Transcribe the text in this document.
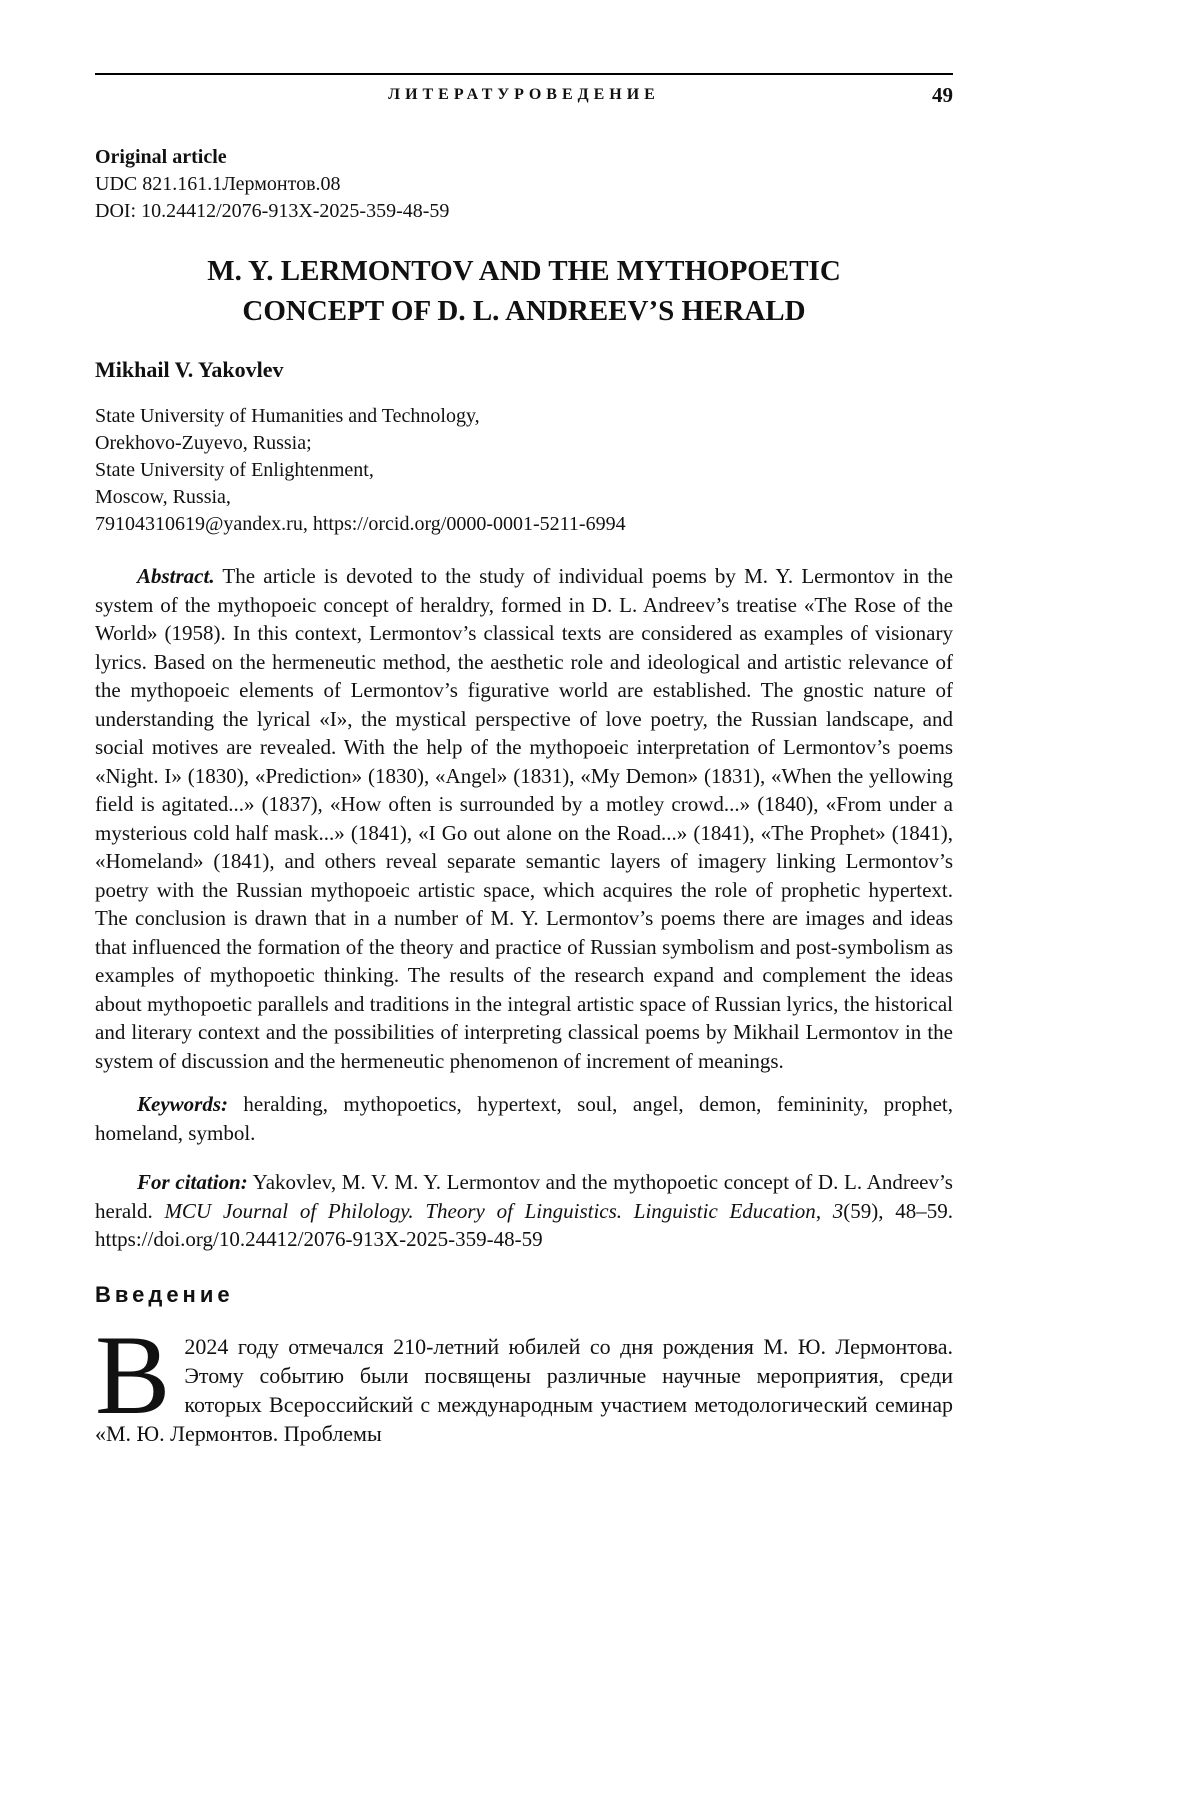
ЛИТЕРАТУРОВЕДЕНИЕ	49
Original article
UDC 821.161.1Лермонтов.08
DOI: 10.24412/2076-913X-2025-359-48-59
M. Y. LERMONTOV AND THE MYTHOPOETIC
CONCEPT OF D. L. ANDREEV’S HERALD
Mikhail V. Yakovlev
State University of Humanities and Technology,
Orekhovo-Zuyevo, Russia;
State University of Enlightenment,
Moscow, Russia,
79104310619@yandex.ru, https://orcid.org/0000-0001-5211-6994

Abstract. The article is devoted to the study of individual poems by M. Y. Lermontov in the system of the mythopoeic concept of heraldry, formed in D. L. Andreev’s treatise «The Rose of the World» (1958). In this context, Lermontov’s classical texts are considered as examples of visionary lyrics. Based on the hermeneutic method, the aesthetic role and ideological and artistic relevance of the mythopoeic elements of Lermontov’s figurative world are established. The gnostic nature of understanding the lyrical «I», the mystical perspective of love poetry, the Russian landscape, and social motives are revealed. With the help of the mythopoeic interpretation of Lermontov’s poems «Night. I» (1830), «Prediction» (1830), «Angel» (1831), «My Demon» (1831), «When the yellowing field is agitated...» (1837), «How often is surrounded by a motley crowd...» (1840), «From under a mysterious cold half mask...» (1841), «I Go out alone on the Road...» (1841), «The Prophet» (1841), «Homeland» (1841), and others reveal separate semantic layers of imagery linking Lermontov’s poetry with the Russian mythopoeic artistic space, which acquires the role of prophetic hypertext. The conclusion is drawn that in a number of M. Y. Lermontov’s poems there are images and ideas that influenced the formation of the theory and practice of Russian symbolism and post-symbolism as examples of mythopoetic thinking. The results of the research expand and complement the ideas about mythopoetic parallels and traditions in the integral artistic space of Russian lyrics, the historical and literary context and the possibilities of interpreting classical poems by Mikhail Lermontov in the system of discussion and the hermeneutic phenomenon of increment of meanings.

Keywords: heralding, mythopoetics, hypertext, soul, angel, demon, femininity, prophet, homeland, symbol.

For citation: Yakovlev, M. V. M. Y. Lermontov and the mythopoetic concept of D. L. Andreev’s herald. MCU Journal of Philology. Theory of Linguistics. Linguistic Education, 3(59), 48–59. https://doi.org/10.24412/2076-913X-2025-359-48-59

Введение

В 2024 году отмечался 210-летний юбилей со дня рождения М. Ю. Лермонтова. Этому событию были посвящены различные научные мероприятия, среди которых Всероссийский с международным участием методологический семинар «М. Ю. Лермонтов. Проблемы
